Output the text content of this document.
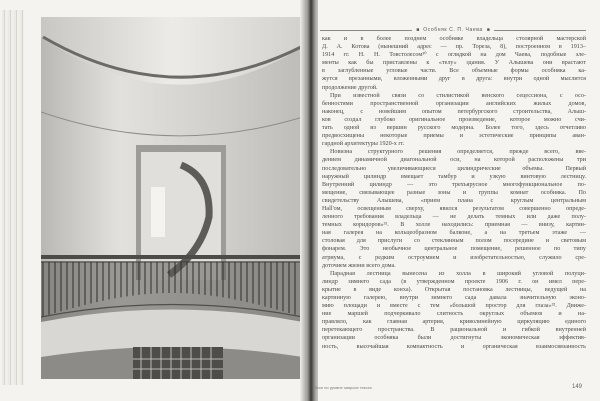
■ Особняк С. П. Чаева ■
как и в более позднем особняке владельца столярной мастерской
Д. А. Котова (нынешний адрес — пр. Тореза, 8), построенном в 1913–
1914 гг. Н. Н. Товстолесом³⁰ с оглядкой на дом Чаева, подобные эле-
менты как бы приставлены к «телу» здания. У Алышева они врастают
в заглубленные угловые части. Все объемные формы особняка ка-
жутся врезанными, вложенными друг в друга: внутри одной мыслится
продолжение другой.
При известной связи со стилистикой венского сецессиона, с осо-
бенностями пространственной организации английских жилых домов,
наконец, с новейшим опытом петербургского строительства, Алыш-
ков создал глубоко оригинальное произведение, которое можно счи-
тать одной из вершин русского модерна. Более того, здесь отчетливо
предвосхищены некоторые приемы и эстетические принципы аван-
гардной архитектуры 1920-х гг.
Новизна структурного решения определяется, прежде всего, вве-
дением динамичной диагональной оси, на которой расположены три
последовательно увеличивающиеся цилиндрические объемы. Первый
наружный цилиндр вмещает тамбур и узкую винтовую лестницу.
Внутренний цилиндр — это трехъярусное многофункциональное по-
мещение, связывающее разные зоны и группы комнат особняка. По
свидетельству Алышева, «прием плана с круглым центральным
Hall'ом, освещенным сверху, явился результатом совершенно опреде-
ленного требования владельца — не делать темных или даже полу-
темных коридоров»³¹. В холле находились: приемная — внизу, картин-
ная галерея на кольцеобразном балконе, а на третьем этаже —
столовая для прислуги со стеклянным полом посередине и световым
фонарем. Это необычное центральное помещение, решенное по типу
атриума, с редким остроумием и изобретательностью, служило сре-
доточием жизни всего дома.
Парадная лестница вынесена из холла в широкий угловой полуци-
линдр зимнего сада (в утвержденном проекте 1906 г. он имел пере-
крытие в виде конха). Открытая постановка лестницы, ведущей на
картинную галерею, внутри зимнего сада давала значительную эконо-
мию площади и вместе с тем «большой простор для глаза»³². Движе-
ние маршей подчеркивало слитность округлых объемов и на-
правляло, как главная артерия, криволинейную циркуляцию единого
перетекающего пространства. В рациональной и гибкой внутренней
организации особняка были достигнуты экономическая эффектив-
ность, высочайшая компактность и органическая взаимосвязанность
Эссе по уровне запросе текста	149
